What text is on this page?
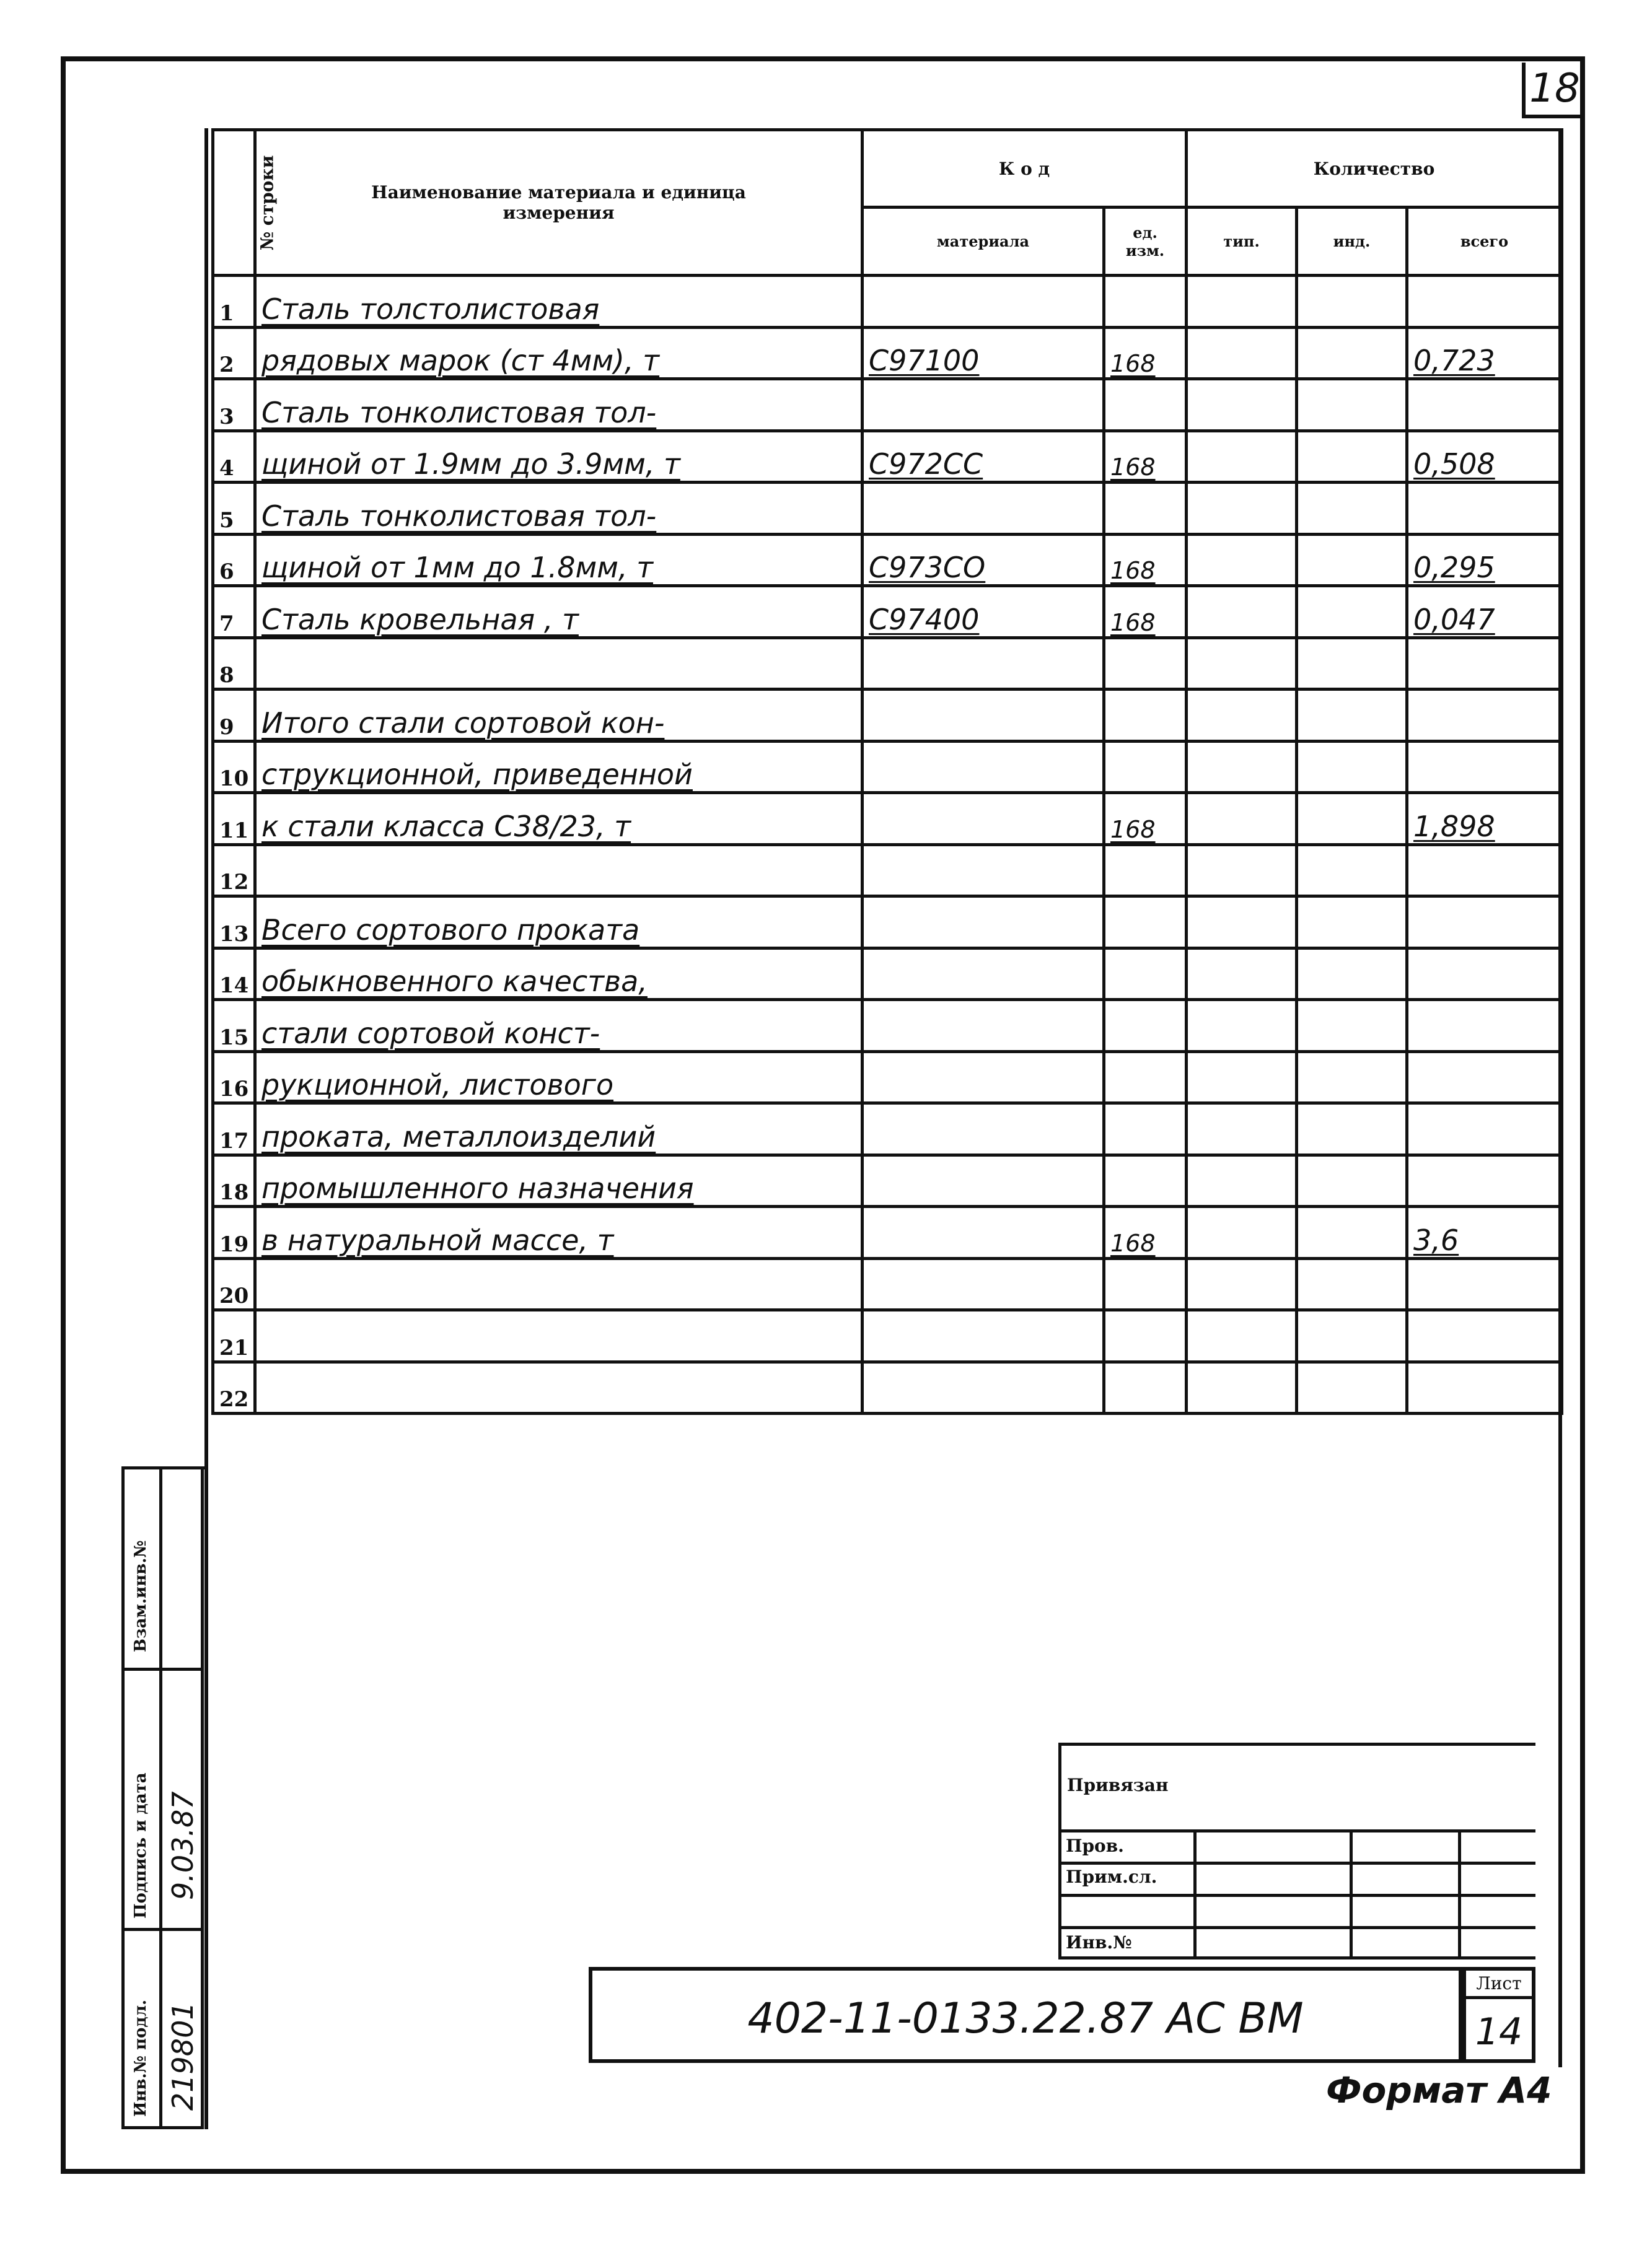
18
№ строки	Наименование материала и единица измерения	К о д		Количество		
		материала	ед. изм.	тип.	инд.	всего
1	Сталь толстолистовая					
2	рядовых марок (ст 4мм), т	С97100	168			0,723
3	Сталь тонколистовая тол-					
4	щиной от 1.9мм до 3.9мм, т	С972СС	168			0,508
5	Сталь тонколистовая тол-					
6	щиной от 1мм до 1.8мм, т	С973СО	168			0,295
7	Сталь кровельная , т	С97400	168			0,047
8						
9	Итого стали сортовой кон-					
10	струкционной, приведенной					
11	к стали класса С38/23, т		168			1,898
12						
13	Всего сортового проката					
14	обыкновенного качества,					
15	стали сортовой конст-					
16	рукционной, листового					
17	проката, металлоизделий					
18	промышленного назначения					
19	в натуральной массе, т		168			3,6
20						
21						
22						
Взам.инв.№
Подпись и дата 9.03.87
Инв.№ подл. 219801
Привязан
Пров.
Прим.сл.
Инв.№
402-11-0133.22.87 АС ВМ
Лист
14
Формат А4
